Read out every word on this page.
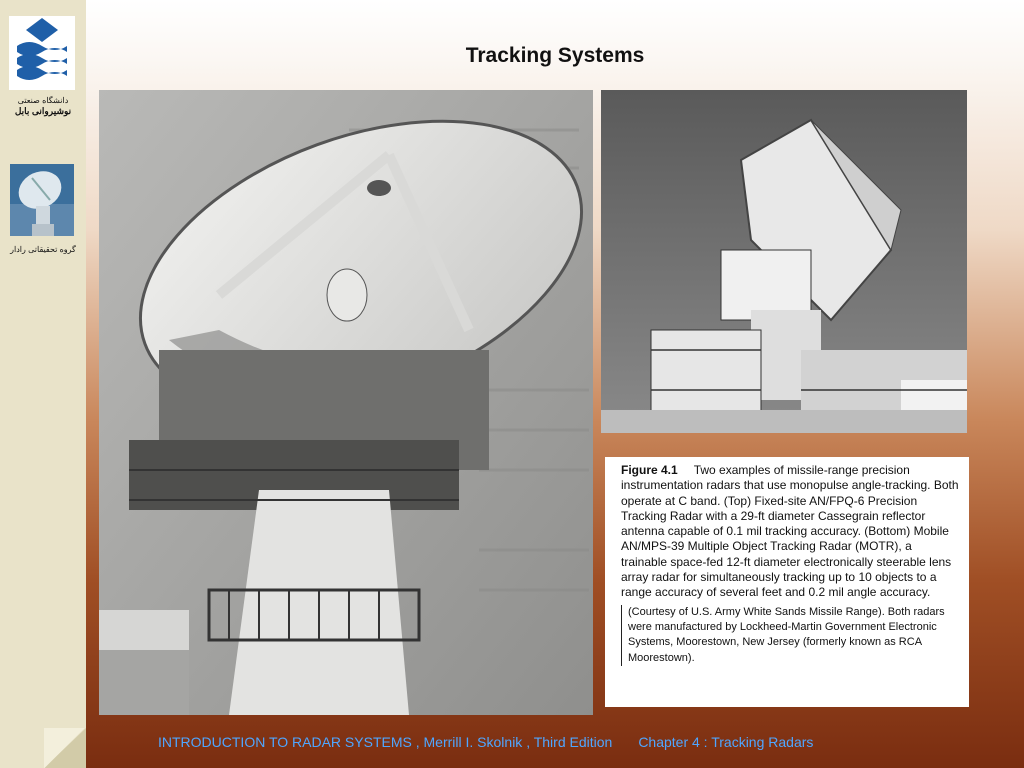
دانشگاه صنعتی
نوشیروانی بابل
گروه تحقیقاتی رادار
Tracking Systems
Figure 4.1 Two examples of missile-range precision instrumentation radars that use monopulse angle-tracking. Both operate at C band. (Top) Fixed-site AN/FPQ-6 Precision Tracking Radar with a 29-ft diameter Cassegrain reflector antenna capable of 0.1 mil tracking accuracy. (Bottom) Mobile AN/MPS-39 Multiple Object Tracking Radar (MOTR), a trainable space-fed 12-ft diameter electronically steerable lens array radar for simultaneously tracking up to 10 objects to a range accuracy of several feet and 0.2 mil angle accuracy.
(Courtesy of U.S. Army White Sands Missile Range). Both radars were manufactured by Lockheed-Martin Government Electronic Systems, Moorestown, New Jersey (formerly known as RCA Moorestown).
INTRODUCTION TO RADAR SYSTEMS , Merrill I. Skolnik , Third Edition Chapter 4 : Tracking Radars
